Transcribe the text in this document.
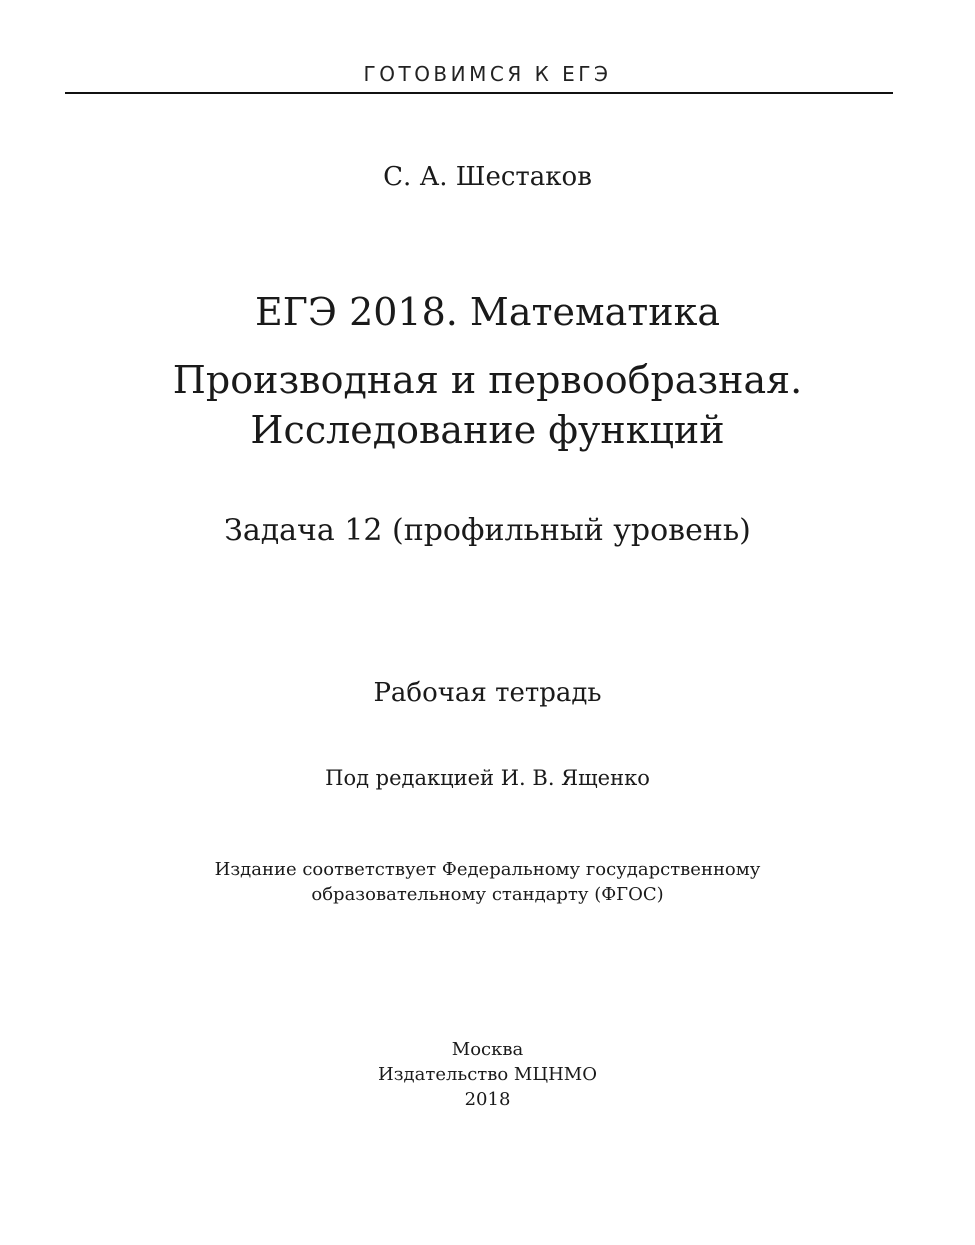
ГОТОВИМСЯ К ЕГЭ
С. А. Шестаков
ЕГЭ 2018. Математика
Производная и первообразная.
Исследование функций
Задача 12 (профильный уровень)
Рабочая тетрадь
Под редакцией И. В. Ященко
Издание соответствует Федеральному государственному
образовательному стандарту (ФГОС)
Москва
Издательство МЦНМО
2018
